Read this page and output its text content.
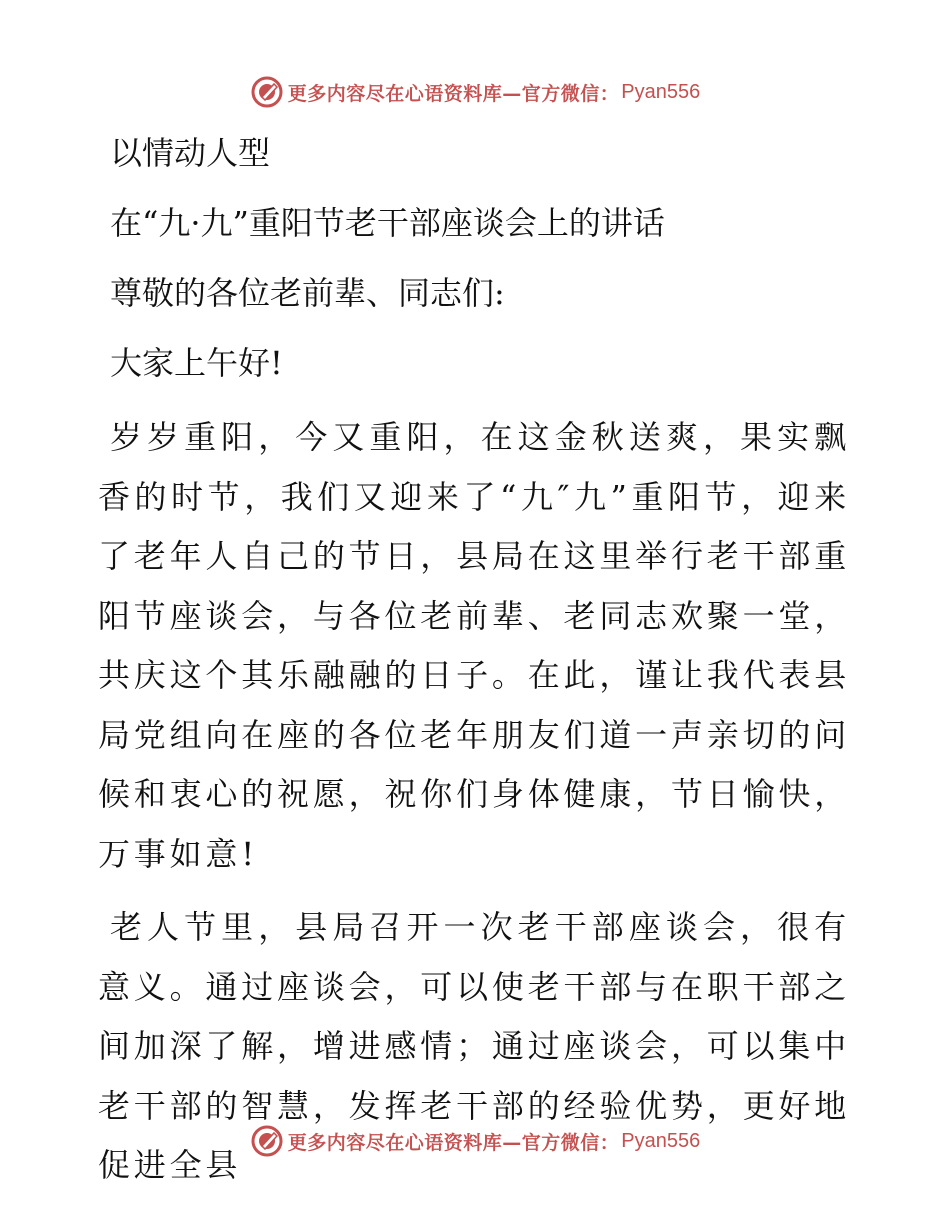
更多内容尽在心语资料库—官方微信： Pyan556
以情动人型
在“九·九”重阳节老干部座谈会上的讲话
尊敬的各位老前辈、同志们:
大家上午好!

岁岁重阳，今又重阳，在这金秋送爽，果实飘香的时节，我们又迎来了“九″九”重阳节，迎来了老年人自己的节日，县局在这里举行老干部重阳节座谈会，与各位老前辈、老同志欢聚一堂，共庆这个其乐融融的日子。在此，谨让我代表县局党组向在座的各位老年朋友们道一声亲切的问候和衷心的祝愿，祝你们身体健康，节日愉快，万事如意!

老人节里，县局召开一次老干部座谈会，很有意义。通过座谈会，可以使老干部与在职干部之间加深了解，增进感情；通过座谈会，可以集中老干部的智慧，发挥老干部的经验优势，更好地促进全县

更多内容尽在心语资料库—官方微信： Pyan556
